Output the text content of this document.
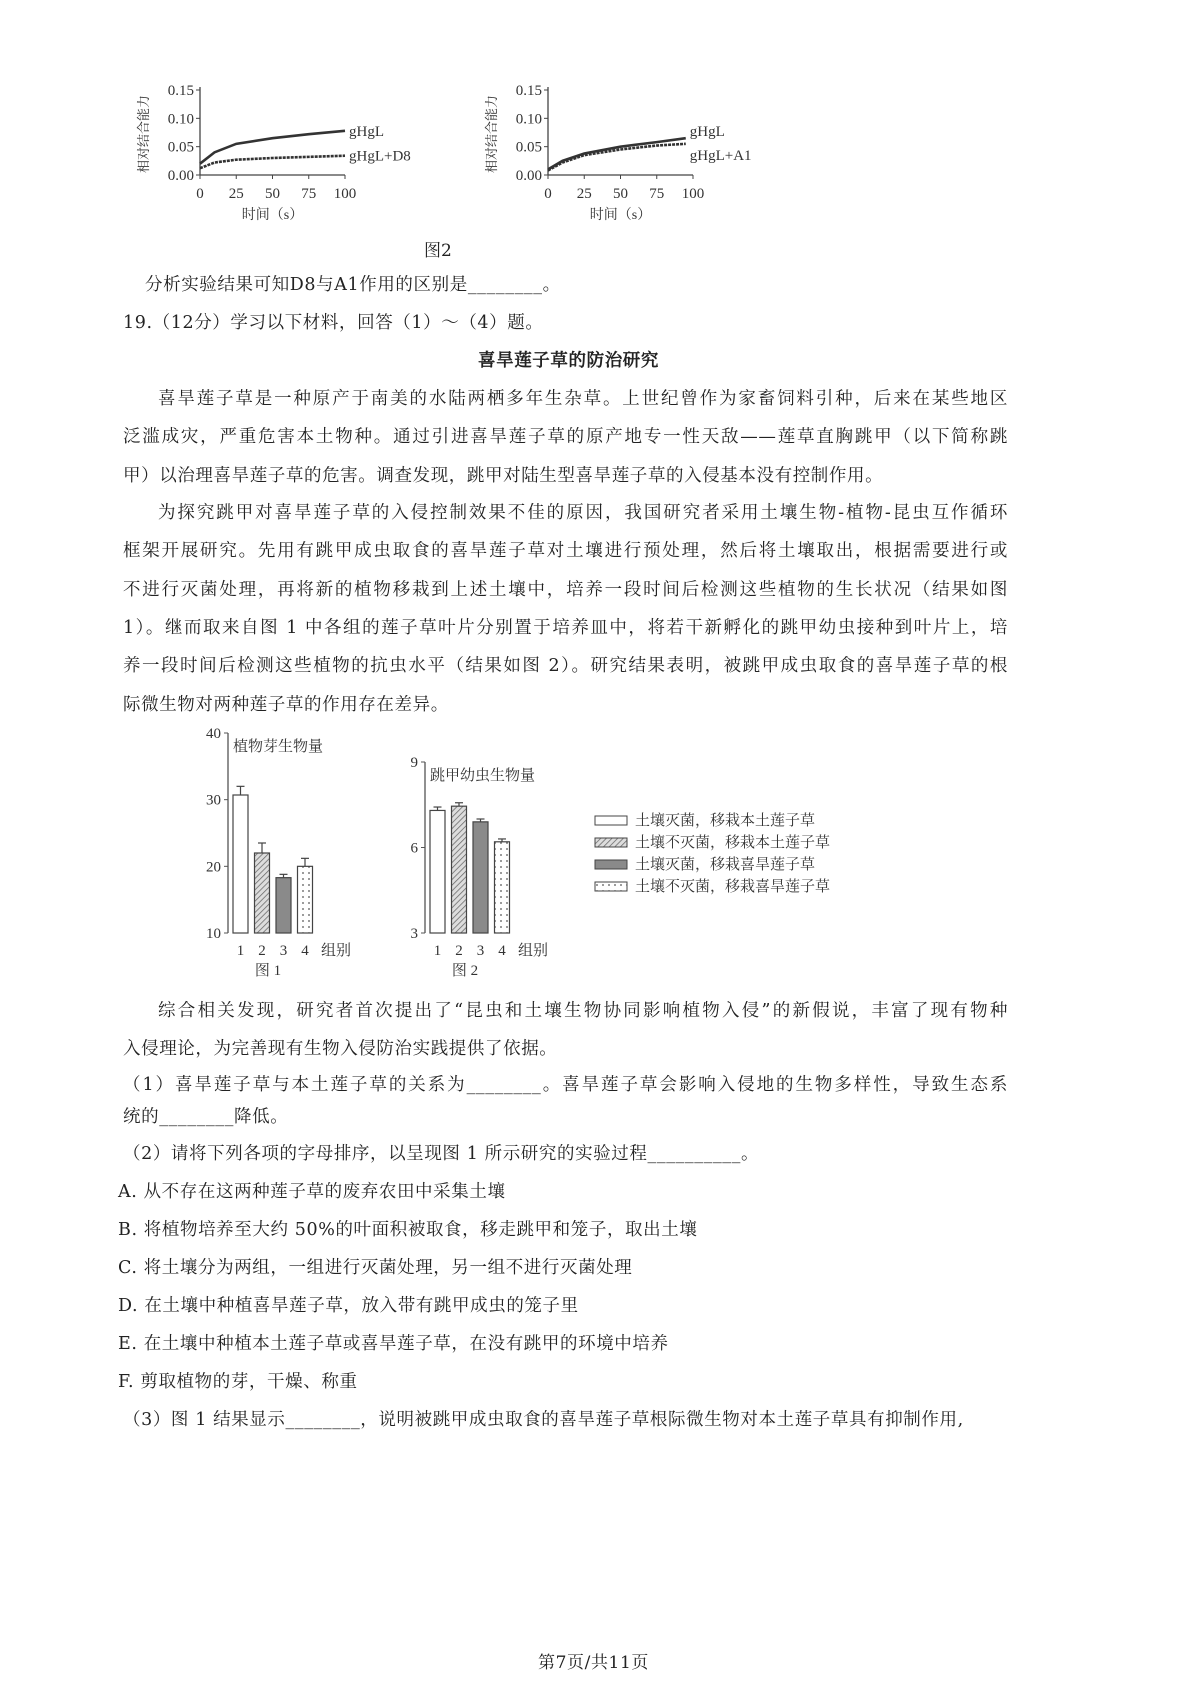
0.00
0.05
0.10
0.15
0 25 50 75 100
时间（s）
相对结合能力	gHgL
gHgL+D8
0.00
0.05
0.10
0.15
0 25 50 75 100
时间（s）
相对结合能力	gHgL
gHgL+A1
图2
分析实验结果可知D8与A1作用的区别是________。
19.（12分）学习以下材料，回答（1）～（4）题。
喜旱莲子草的防治研究
喜旱莲子草是一种原产于南美的水陆两栖多年生杂草。上世纪曾作为家畜饲料引种，后来在某些地区
泛滥成灾，严重危害本土物种。通过引进喜旱莲子草的原产地专一性天敌——莲草直胸跳甲（以下简称跳
甲）以治理喜旱莲子草的危害。调查发现，跳甲对陆生型喜旱莲子草的入侵基本没有控制作用。
为探究跳甲对喜旱莲子草的入侵控制效果不佳的原因，我国研究者采用土壤生物-植物-昆虫互作循环
框架开展研究。先用有跳甲成虫取食的喜旱莲子草对土壤进行预处理，然后将土壤取出，根据需要进行或
不进行灭菌处理，再将新的植物移栽到上述土壤中，培养一段时间后检测这些植物的生长状况（结果如图
1）。继而取来自图 1 中各组的莲子草叶片分别置于培养皿中，将若干新孵化的跳甲幼虫接种到叶片上，培
养一段时间后检测这些植物的抗虫水平（结果如图 2）。研究结果表明，被跳甲成虫取食的喜旱莲子草的根
际微生物对两种莲子草的作用存在差异。
综合相关发现，研究者首次提出了“昆虫和土壤生物协同影响植物入侵”的新假说，丰富了现有物种
入侵理论，为完善现有生物入侵防治实践提供了依据。
（1）喜旱莲子草与本土莲子草的关系为________。喜旱莲子草会影响入侵地的生物多样性，导致生态系
统的________降低。
（2）请将下列各项的字母排序，以呈现图 1 所示研究的实验过程__________。
A. 从不存在这两种莲子草的废弃农田中采集土壤
B. 将植物培养至大约 50%的叶面积被取食，移走跳甲和笼子，取出土壤
C. 将土壤分为两组，一组进行灭菌处理，另一组不进行灭菌处理
D. 在土壤中种植喜旱莲子草，放入带有跳甲成虫的笼子里
E. 在土壤中种植本土莲子草或喜旱莲子草，在没有跳甲的环境中培养
F. 剪取植物的芽，干燥、称重
（3）图 1 结果显示________，说明被跳甲成虫取食的喜旱莲子草根际微生物对本土莲子草具有抑制作用,
10
20
30
40
植物芽生物量
1 2 3 4 组别
图 1
3
6
9
跳甲幼虫生物量
1 2 3 4 组别
图 2
土壤灭菌，移栽本土莲子草
土壤不灭菌，移栽本土莲子草
土壤灭菌，移栽喜旱莲子草
土壤不灭菌，移栽喜旱莲子草
第7页/共11页
